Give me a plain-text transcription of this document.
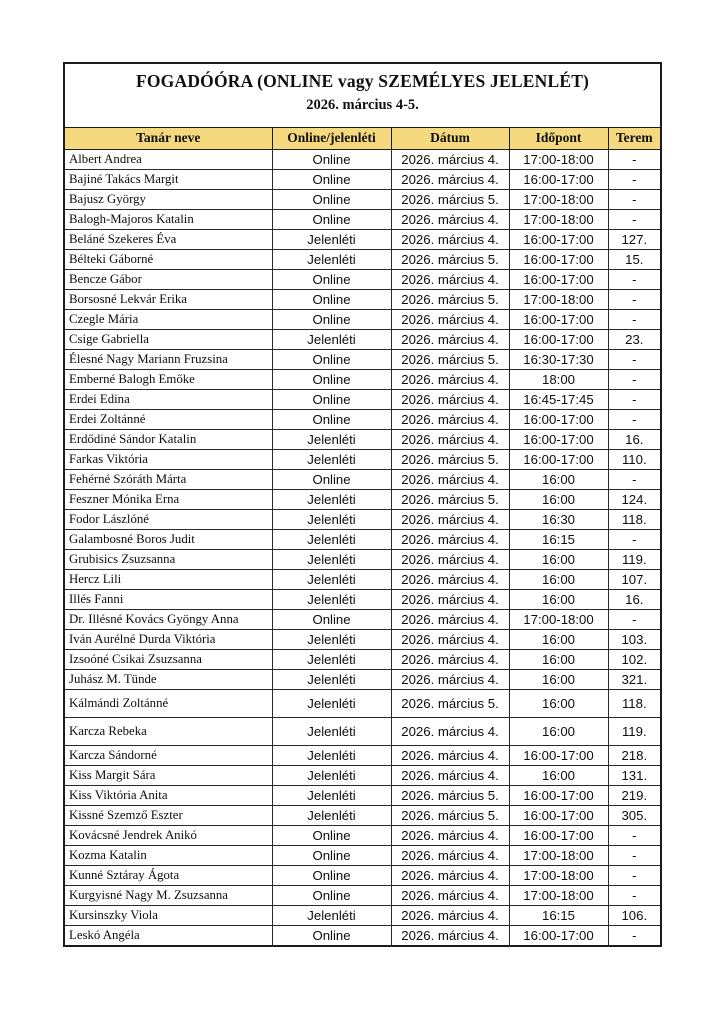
FOGADÓÓRA (ONLINE vagy SZEMÉLYES JELENLÉT)
2026. március 4-5.				

Tanár neve	Online/jelenléti	Dátum	Időpont	Terem
Albert Andrea	Online	2026. március 4.	17:00-18:00	-
Bajiné Takács Margit	Online	2026. március 4.	16:00-17:00	-
Bajusz György	Online	2026. március 5.	17:00-18:00	-
Balogh-Majoros Katalin	Online	2026. március 4.	17:00-18:00	-
Beláné Szekeres Éva	Jelenléti	2026. március 4.	16:00-17:00	127.
Bélteki Gáborné	Jelenléti	2026. március 5.	16:00-17:00	15.
Bencze Gábor	Online	2026. március 4.	16:00-17:00	-
Borsosné Lekvár Erika	Online	2026. március 5.	17:00-18:00	-
Czegle Mária	Online	2026. március 4.	16:00-17:00	-
Csige Gabriella	Jelenléti	2026. március 4.	16:00-17:00	23.
Élesné Nagy Mariann Fruzsina	Online	2026. március 5.	16:30-17:30	-
Emberné Balogh Emőke	Online	2026. március 4.	18:00	-
Erdei Edina	Online	2026. március 4.	16:45-17:45	-
Erdei Zoltánné	Online	2026. március 4.	16:00-17:00	-
Erdődiné Sándor Katalin	Jelenléti	2026. március 4.	16:00-17:00	16.
Farkas Viktória	Jelenléti	2026. március 5.	16:00-17:00	110.
Fehérné Szóráth Márta	Online	2026. március 4.	16:00	-
Feszner Mónika Erna	Jelenléti	2026. március 5.	16:00	124.
Fodor Lászlóné	Jelenléti	2026. március 4.	16:30	118.
Galambosné Boros Judit	Jelenléti	2026. március 4.	16:15	-
Grubisics Zsuzsanna	Jelenléti	2026. március 4.	16:00	119.
Hercz Lili	Jelenléti	2026. március 4.	16:00	107.
Illés Fanni	Jelenléti	2026. március 4.	16:00	16.
Dr. Illésné Kovács Gyöngy Anna	Online	2026. március 4.	17:00-18:00	-
Iván Aurélné Durda Viktória	Jelenléti	2026. március 4.	16:00	103.
Izsoóné Csikai Zsuzsanna	Jelenléti	2026. március 4.	16:00	102.
Juhász M. Tünde	Jelenléti	2026. március 4.	16:00	321.
Kálmándi Zoltánné	Jelenléti	2026. március 5.	16:00	118.
Karcza Rebeka	Jelenléti	2026. március 4.	16:00	119.
Karcza Sándorné	Jelenléti	2026. március 4.	16:00-17:00	218.
Kiss Margit Sára	Jelenléti	2026. március 4.	16:00	131.
Kiss Viktória Anita	Jelenléti	2026. március 5.	16:00-17:00	219.
Kissné Szemző Eszter	Jelenléti	2026. március 5.	16:00-17:00	305.
Kovácsné Jendrek Anikó	Online	2026. március 4.	16:00-17:00	-
Kozma Katalin	Online	2026. március 4.	17:00-18:00	-
Kunné Sztáray Ágota	Online	2026. március 4.	17:00-18:00	-
Kurgyisné Nagy M. Zsuzsanna	Online	2026. március 4.	17:00-18:00	-
Kursinszky Viola	Jelenléti	2026. március 4.	16:15	106.
Leskó Angéla	Online	2026. március 4.	16:00-17:00	-
